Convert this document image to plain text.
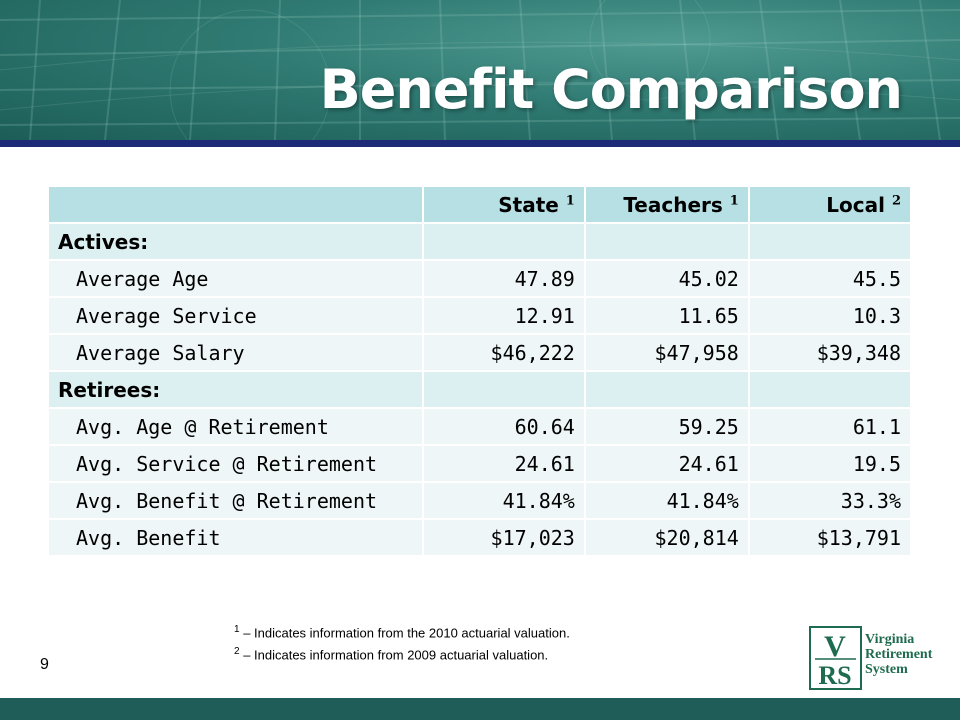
Benefit Comparison
	State $^1$	Teachers $^1$	Local $^2$
Actives:			
Average Age	47.89	45.02	45.5
Average Service	12.91	11.65	10.3
Average Salary	$46,222	$47,958	$39,348
Retirees:			
Avg. Age @ Retirement	60.64	59.25	61.1
Avg. Service @ Retirement	24.61	24.61	19.5
Avg. Benefit @ Retirement	41.84%	41.84%	33.3%
Avg. Benefit	$17,023	$20,814	$13,791
$^1$ – Indicates information from the 2010 actuarial valuation.
$^2$ – Indicates information from 2009 actuarial valuation.
9
V
RS
Virginia
Retirement
System
